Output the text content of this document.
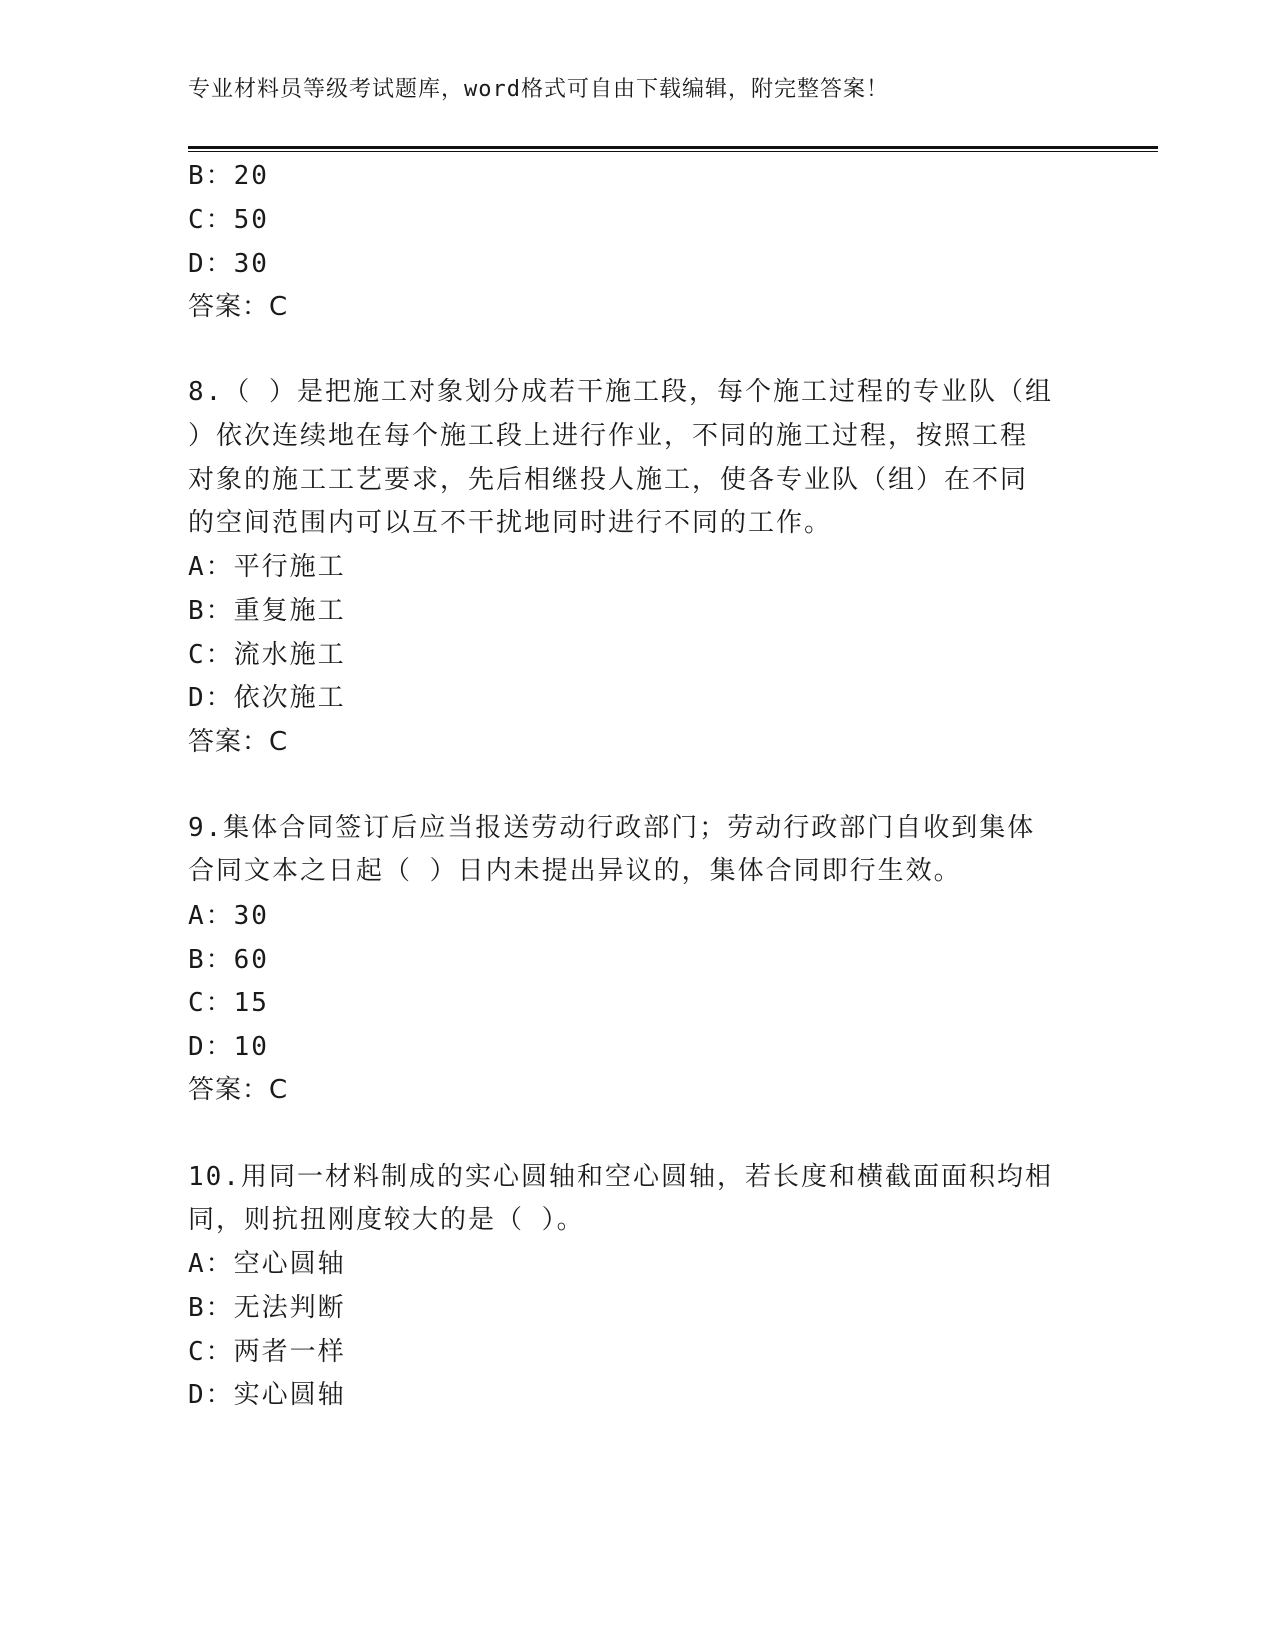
专业材料员等级考试题库，word格式可自由下载编辑，附完整答案！
B：20
C：50
D：30
答案：C
8.（ ）是把施工对象划分成若干施工段，每个施工过程的专业队（组
）依次连续地在每个施工段上进行作业，不同的施工过程，按照工程
对象的施工工艺要求，先后相继投人施工，使各专业队（组）在不同
的空间范围内可以互不干扰地同时进行不同的工作。
A：平行施工
B：重复施工
C：流水施工
D：依次施工
答案：C
9.集体合同签订后应当报送劳动行政部门；劳动行政部门自收到集体
合同文本之日起（ ）日内未提出异议的，集体合同即行生效。
A：30
B：60
C：15
D：10
答案：C
10.用同一材料制成的实心圆轴和空心圆轴，若长度和横截面面积均相
同，则抗扭刚度较大的是（ ）。
A：空心圆轴
B：无法判断
C：两者一样
D：实心圆轴
